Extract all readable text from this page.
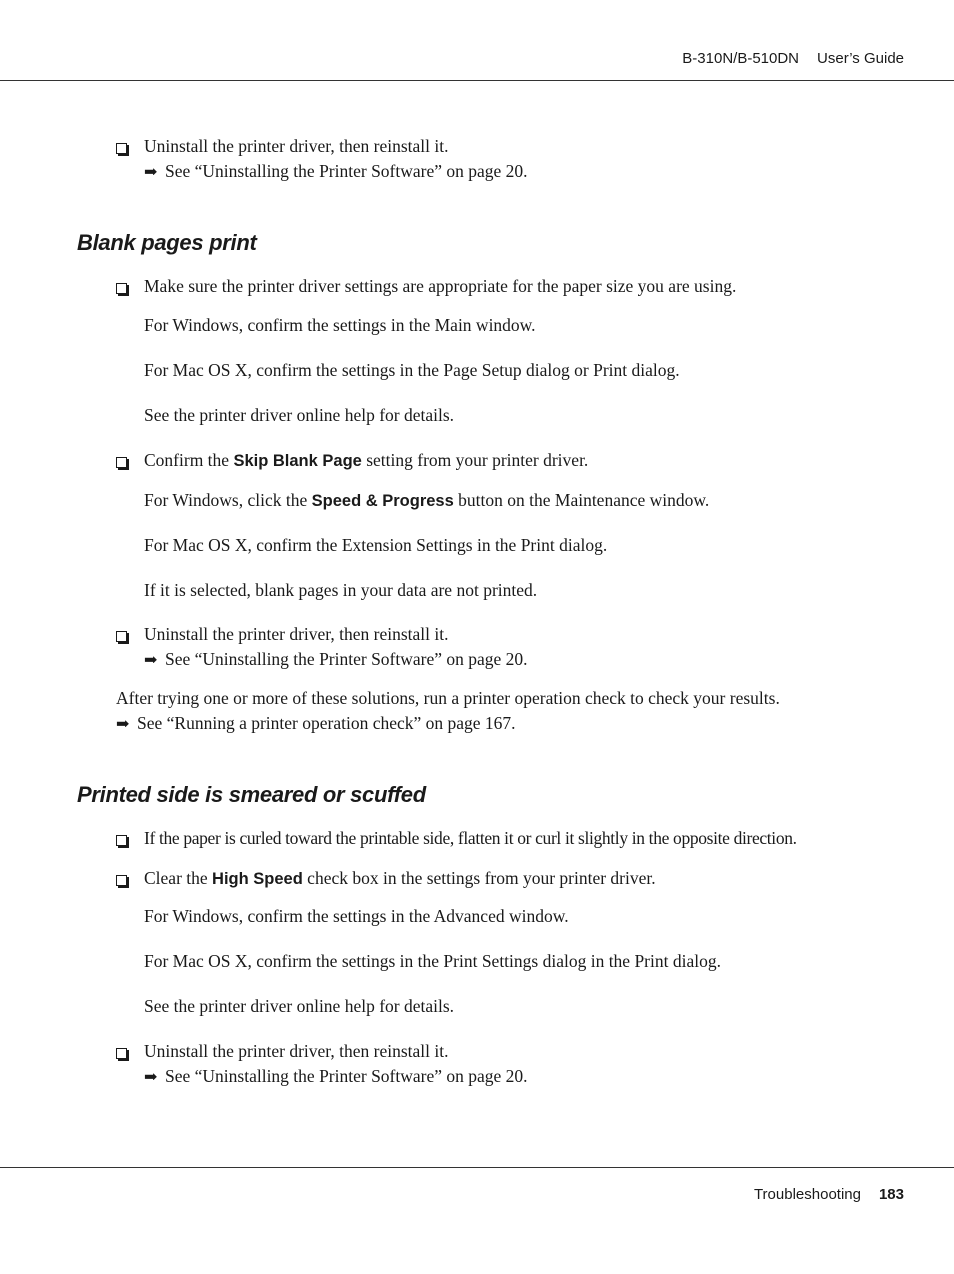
B-310N/B-510DN User’s Guide
Uninstall the printer driver, then reinstall it.
➡ See “Uninstalling the Printer Software” on page 20.
Blank pages print
Make sure the printer driver settings are appropriate for the paper size you are using.
For Windows, confirm the settings in the Main window.
For Mac OS X, confirm the settings in the Page Setup dialog or Print dialog.
See the printer driver online help for details.
Confirm the Skip Blank Page setting from your printer driver.
For Windows, click the Speed & Progress button on the Maintenance window.
For Mac OS X, confirm the Extension Settings in the Print dialog.
If it is selected, blank pages in your data are not printed.
Uninstall the printer driver, then reinstall it.
➡ See “Uninstalling the Printer Software” on page 20.
After trying one or more of these solutions, run a printer operation check to check your results.
➡ See “Running a printer operation check” on page 167.
Printed side is smeared or scuffed
If the paper is curled toward the printable side, flatten it or curl it slightly in the opposite direction.
Clear the High Speed check box in the settings from your printer driver.
For Windows, confirm the settings in the Advanced window.
For Mac OS X, confirm the settings in the Print Settings dialog in the Print dialog.
See the printer driver online help for details.
Uninstall the printer driver, then reinstall it.
➡ See “Uninstalling the Printer Software” on page 20.
Troubleshooting 183
